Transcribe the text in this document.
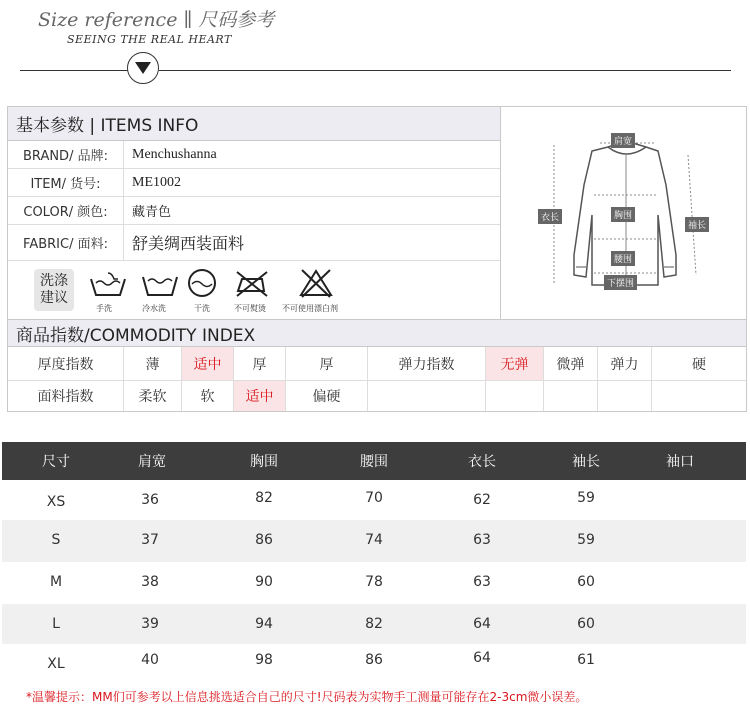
Size reference ∥ 尺码参考
SEEING THE REAL HEART
基本参数 | ITEMS INFO
BRAND/ 品牌:	Menchushanna
ITEM/ 货号:	ME1002
COLOR/ 颜色:	藏青色
FABRIC/ 面料:	舒美绸西装面料
洗涤
建议
手洗	冷水洗	干洗	不可熨烫 不可使用漂白剂
肩宽
衣长	胸围
袖长
腰围
下摆围
商品指数/COMMODITY INDEX
厚度指数	薄	适中	厚	厚	弹力指数	无弹	微弹	弹力	硬
面料指数	柔软	软	适中	偏硬
尺寸	肩宽	胸围	腰围	衣长	袖长	袖口
XS	36	82	70	62	59
S	37	86	74	63	59
M	38	90	78	63	60
L	39	94	82	64	60
XL	40	98	86	64	61
*温馨提示：MM们可参考以上信息挑选适合自己的尺寸!尺码表为实物手工测量可能存在2-3cm微小误差。
